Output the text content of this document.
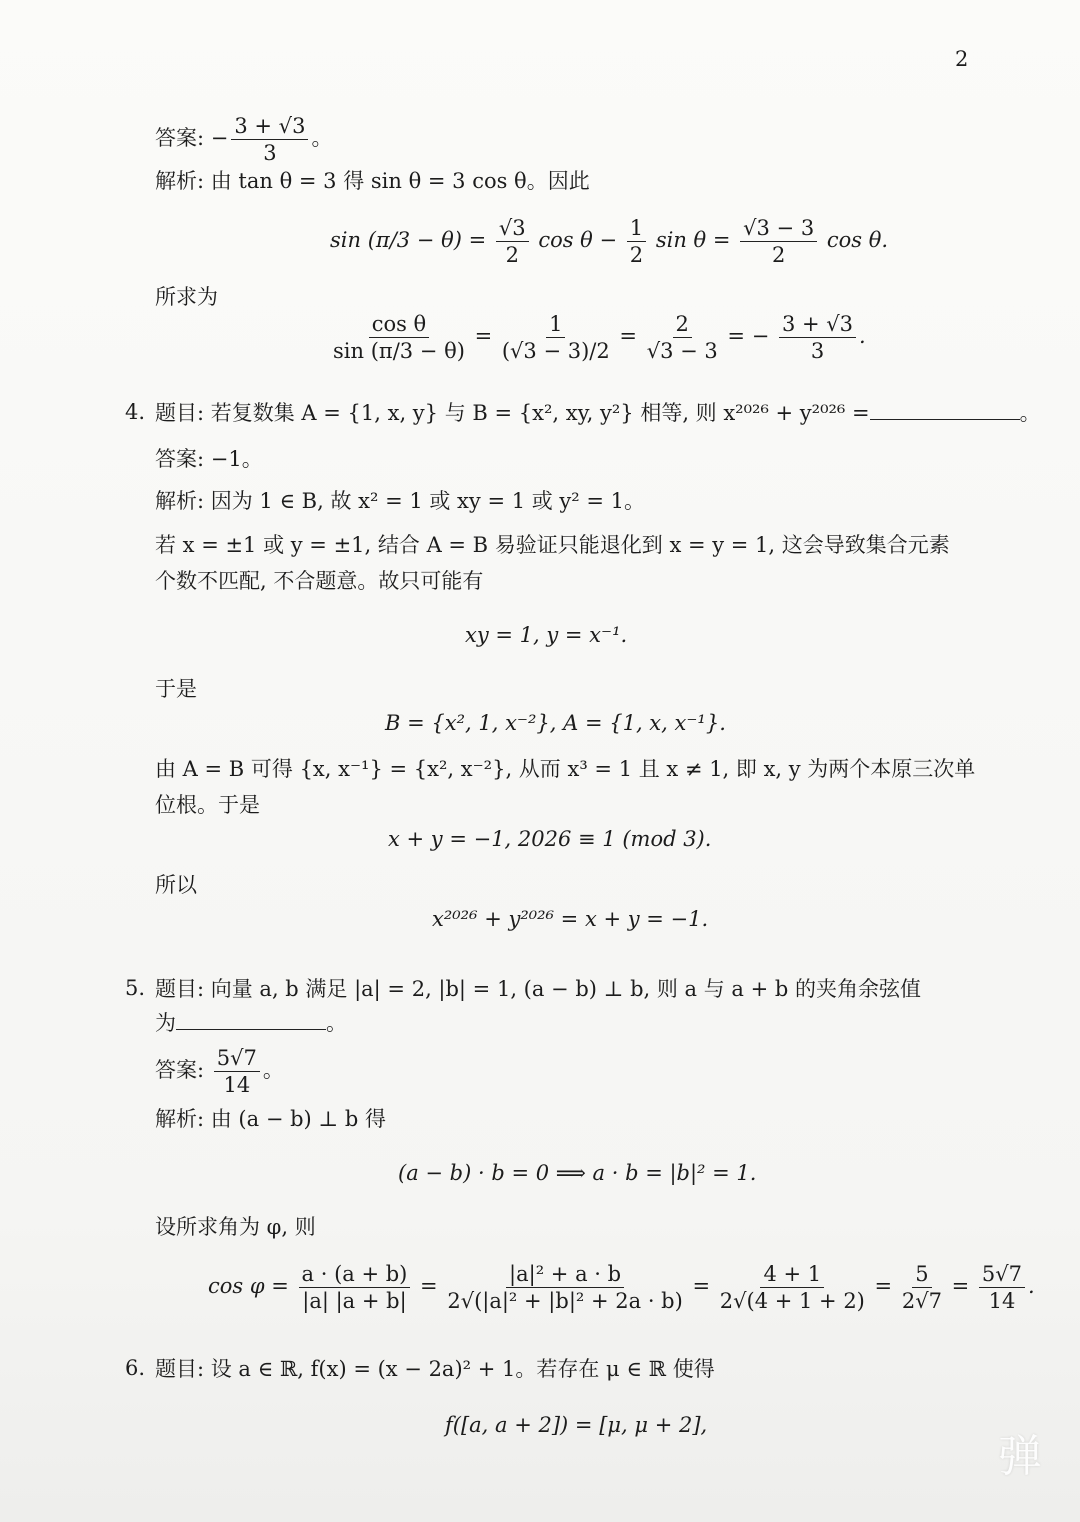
2
答案: − $\frac{3 + √3}{3}$ 。
解析: 由 tan θ = 3 得 sin θ = 3 cos θ。因此
$\sin (\pi/3 - \theta) = \frac{√3}{2}$ $\cos \theta - \frac{1}{2}$ $\sin \theta = \frac{√3 - 3}{2}$ cos θ.
所求为
$\frac{\text{cos θ}}{\sin (\pi/3 - \theta)} = \frac{1}{(√3 - 3)/2} = \frac{2}{√3 - 3}$ = − $\frac{3 + √3}{3}$ .
4. 题目: 若复数集 A = {1, x, y} 与 B = {x², xy, y²} 相等, 则 x²⁰²⁶ + y²⁰²⁶ =	。
答案: −1。
解析: 因为 1 ∈ B, 故 x² = 1 或 xy = 1 或 y² = 1。
若 x = ±1 或 y = ±1, 结合 A = B 易验证只能退化到 x = y = 1, 这会导致集合元素
个数不匹配, 不合题意。故只可能有
xy = 1, y = x⁻¹.
于是
B = {x², 1, x⁻²}, A = {1, x, x⁻¹}.
由 A = B 可得 {x, x⁻¹} = {x², x⁻²}, 从而 x³ = 1 且 x ≠ 1, 即 x, y 为两个本原三次单
位根。于是
x + y = −1, 2026 ≡ 1 (mod 3).
所以
x²⁰²⁶ + y²⁰²⁶ = x + y = −1.
5. 题目: 向量 a, b 满足 |a| = 2, |b| = 1, (a − b) ⊥ b, 则 a 与 a + b 的夹角余弦值
为	。
答案: $\frac{5√7}{14}$ 。
解析: 由 (a − b) ⊥ b 得
(a − b) · b = 0 ⟹ a · b = |b|² = 1.
设所求角为 φ, 则
$\cos \varphi = \frac{a \cdot (a + b)}{|a| |a + b|} = \frac{\text{|a|² + a · b}}{\text{2√(|a|² + |b|² + 2a · b)}} = \frac{4 + 1}{2√(4 + 1 + 2)} = \frac{5}{2√7} = \frac{5√7}{14}$ .
6. 题目: 设 a ∈ ℝ, f(x) = (x − 2a)² + 1。若存在 μ ∈ ℝ 使得
f([a, a + 2]) = [μ, μ + 2],
弹
